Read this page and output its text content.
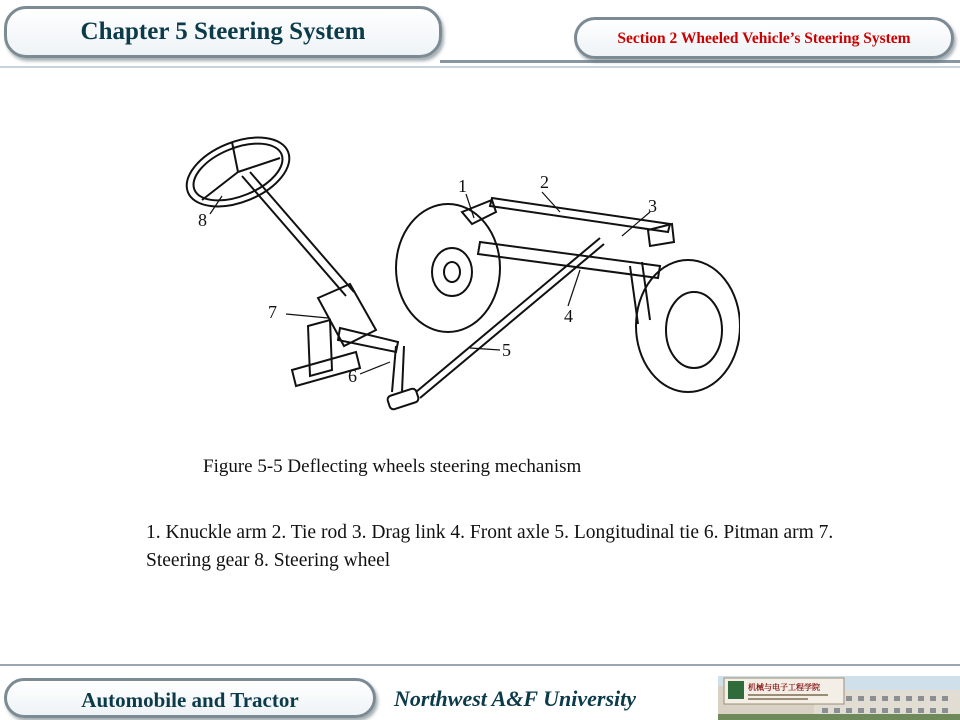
Chapter 5 Steering System	Section 2 Wheeled Vehicle’s Steering System
1	2
3
4
5
6
7
8
Figure 5-5 Deflecting wheels steering mechanism
1. Knuckle arm 2. Tie rod 3. Drag link 4. Front axle 5. Longitudinal tie 6. Pitman arm 7. Steering gear 8. Steering wheel
Automobile and Tractor	Northwest A&F University	机械与电子工程学院
